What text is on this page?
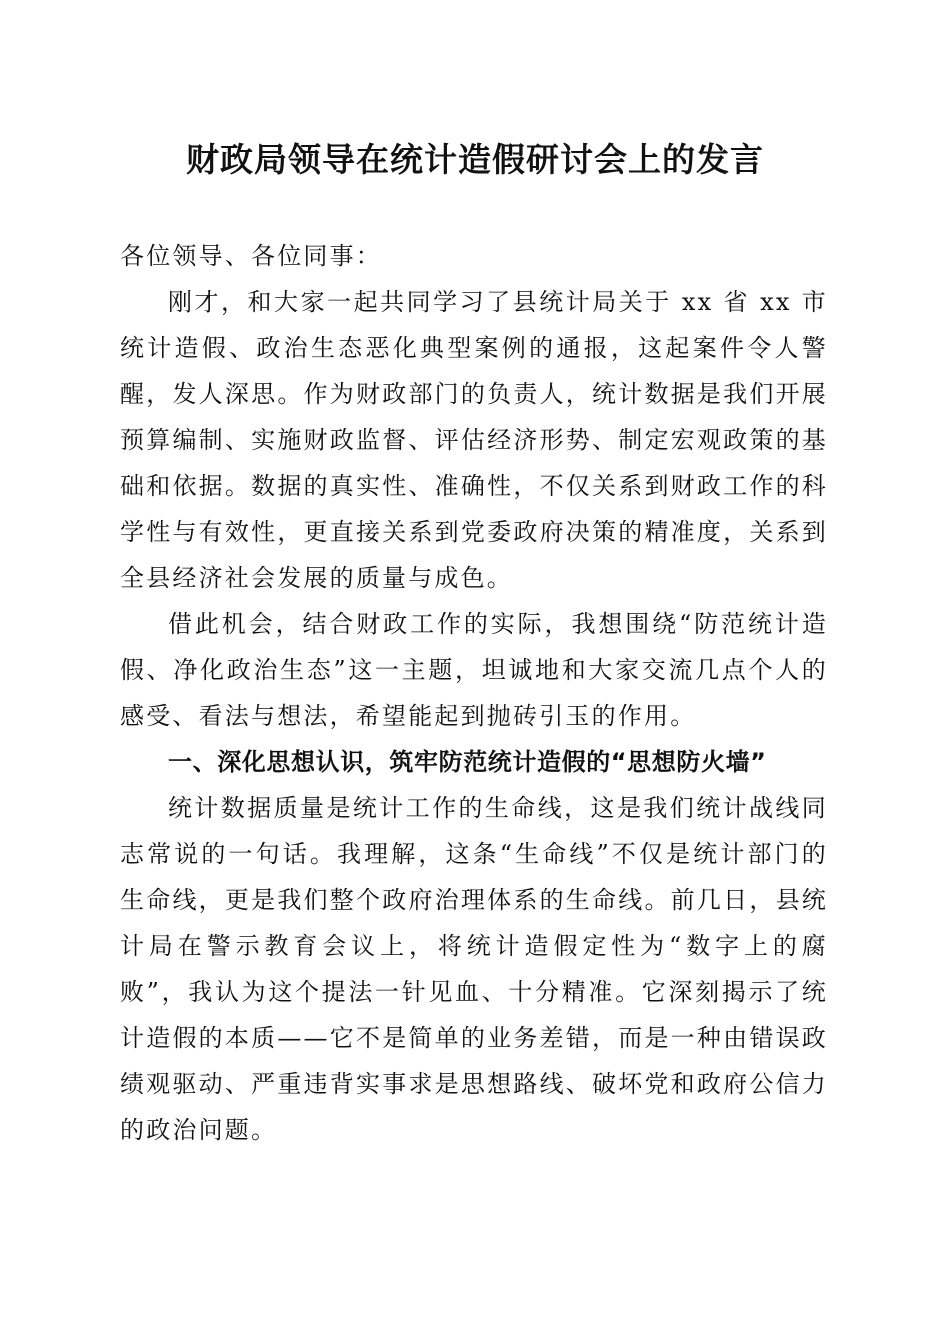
财政局领导在统计造假研讨会上的发言

各位领导、各位同事：

刚才，和大家一起共同学习了县统计局关于 xx 省 xx 市统计造假、政治生态恶化典型案例的通报，这起案件令人警醒，发人深思。作为财政部门的负责人，统计数据是我们开展预算编制、实施财政监督、评估经济形势、制定宏观政策的基础和依据。数据的真实性、准确性，不仅关系到财政工作的科学性与有效性，更直接关系到党委政府决策的精准度，关系到全县经济社会发展的质量与成色。

借此机会，结合财政工作的实际，我想围绕“防范统计造假、净化政治生态”这一主题，坦诚地和大家交流几点个人的感受、看法与想法，希望能起到抛砖引玉的作用。

一、深化思想认识，筑牢防范统计造假的“思想防火墙”

统计数据质量是统计工作的生命线，这是我们统计战线同志常说的一句话。我理解，这条“生命线”不仅是统计部门的生命线，更是我们整个政府治理体系的生命线。前几日，县统计局在警示教育会议上，将统计造假定性为“数字上的腐败”，我认为这个提法一针见血、十分精准。它深刻揭示了统计造假的本质——它不是简单的业务差错，而是一种由错误政绩观驱动、严重违背实事求是思想路线、破坏党和政府公信力的政治问题。
